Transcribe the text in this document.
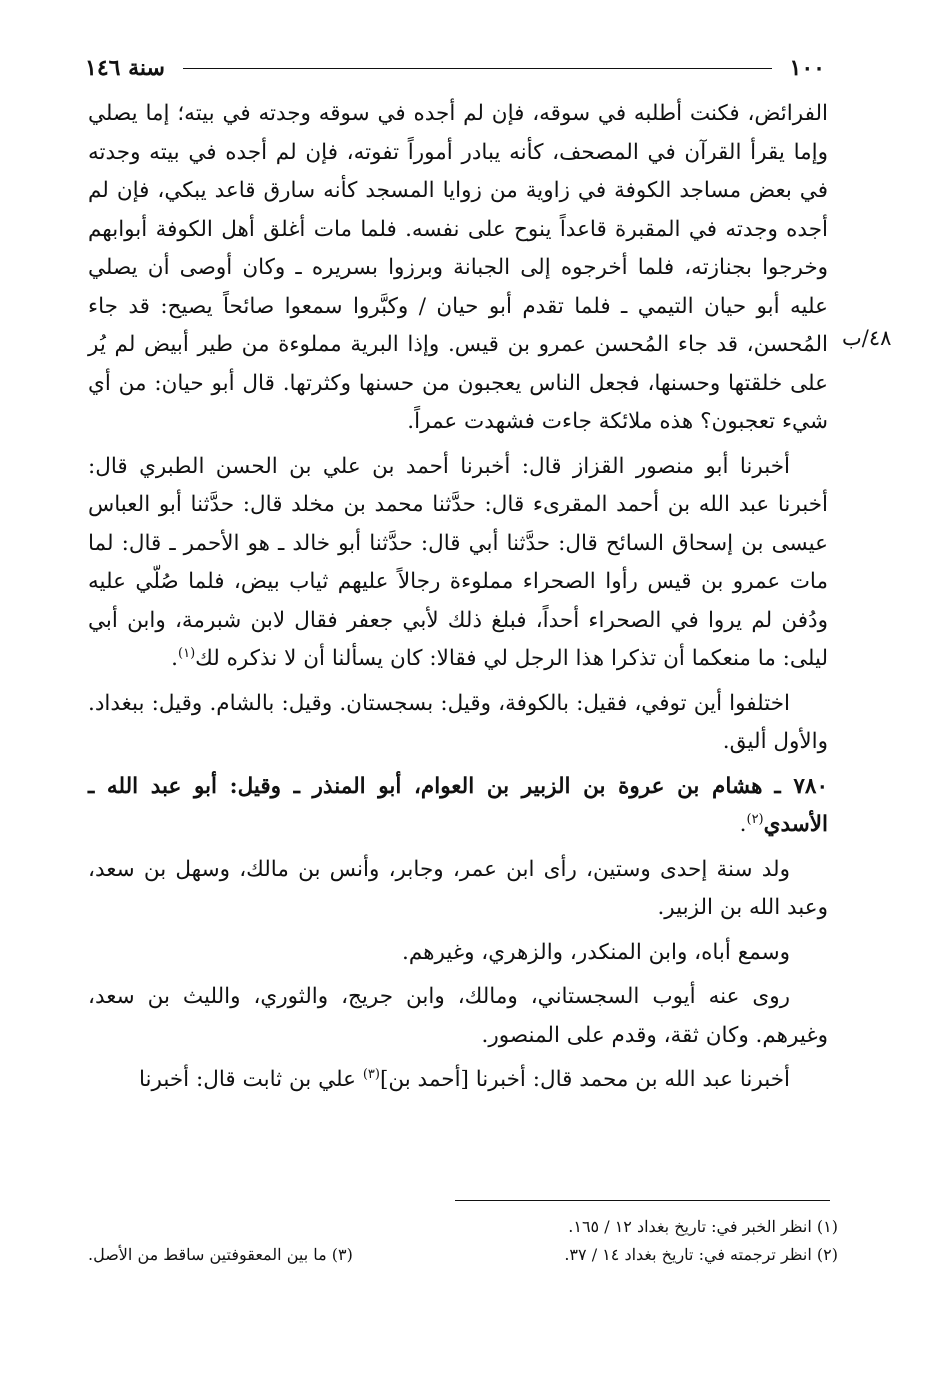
١٠٠
سنة ١٤٦
٤٨/ب

الفرائض، فكنت أطلبه في سوقه، فإن لم أجده في سوقه وجدته في بيته؛ إما يصلي وإما يقرأ القرآن في المصحف، كأنه يبادر أموراً تفوته، فإن لم أجده في بيته وجدته في بعض مساجد الكوفة في زاوية من زوايا المسجد كأنه سارق قاعد يبكي، فإن لم أجده وجدته في المقبرة قاعداً ينوح على نفسه. فلما مات أغلق أهل الكوفة أبوابهم وخرجوا بجنازته، فلما أخرجوه إلى الجبانة وبرزوا بسريره ـ وكان أوصى أن يصلي عليه أبو حيان التيمي ـ فلما تقدم أبو حيان / وكبَّروا سمعوا صائحاً يصيح: قد جاء المُحسن، قد جاء المُحسن عمرو بن قيس. وإذا البرية مملوءة من طير أبيض لم يُر على خلقتها وحسنها، فجعل الناس يعجبون من حسنها وكثرتها. قال أبو حيان: من أي شيء تعجبون؟ هذه ملائكة جاءت فشهدت عمراً.

أخبرنا أبو منصور القزاز قال: أخبرنا أحمد بن علي بن الحسن الطبري قال: أخبرنا عبد الله بن أحمد المقرىء قال: حدَّثنا محمد بن مخلد قال: حدَّثنا أبو العباس عيسى بن إسحاق السائح قال: حدَّثنا أبي قال: حدَّثنا أبو خالد ـ هو الأحمر ـ قال: لما مات عمرو بن قيس رأوا الصحراء مملوءة رجالاً عليهم ثياب بيض، فلما صُلّي عليه ودُفن لم يروا في الصحراء أحداً، فبلغ ذلك لأبي جعفر فقال لابن شبرمة، وابن أبي ليلى: ما منعكما أن تذكرا هذا الرجل لي فقالا: كان يسألنا أن لا نذكره لك$^{(١)}$.

اختلفوا أين توفي، فقيل: بالكوفة، وقيل: بسجستان. وقيل: بالشام. وقيل: ببغداد. والأول أليق.

٧٨٠ ـ هشام بن عروة بن الزبير بن العوام، أبو المنذر ـ وقيل: أبو عبد الله ـ الأسدي$^{(٢)}$.

ولد سنة إحدى وستين، رأى ابن عمر، وجابر، وأنس بن مالك، وسهل بن سعد، وعبد الله بن الزبير.

وسمع أباه، وابن المنكدر، والزهري، وغيرهم.

روى عنه أيوب السجستاني، ومالك، وابن جريج، والثوري، والليث بن سعد، وغيرهم. وكان ثقة، وقدم على المنصور.

أخبرنا عبد الله بن محمد قال: أخبرنا [أحمد بن]$^{(٣)}$ علي بن ثابت قال: أخبرنا

(١) انظر الخبر في: تاريخ بغداد ١٢ / ١٦٥.
(٢) انظر ترجمته في: تاريخ بغداد ١٤ / ٣٧.
(٣) ما بين المعقوفتين ساقط من الأصل.
